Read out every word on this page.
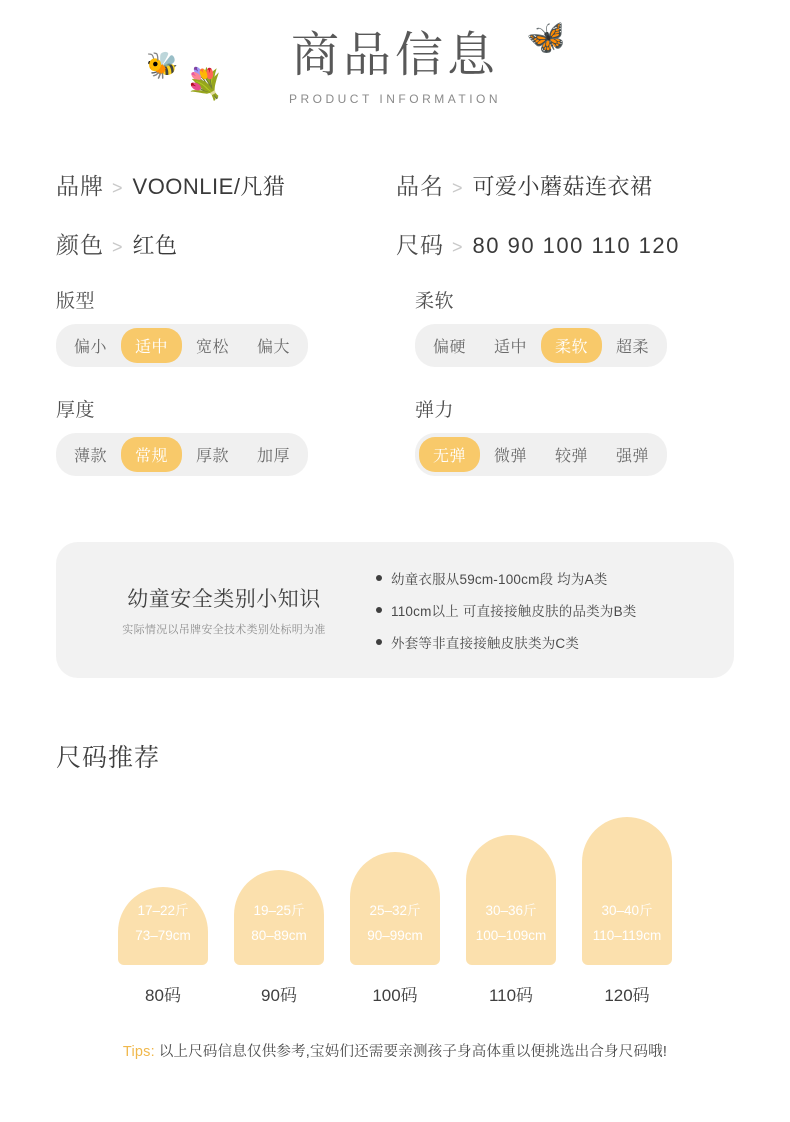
🐝
💐
🦋
商品信息
PRODUCT INFORMATION
品牌 > VOONLIE/凡猎	品名 > 可爱小蘑菇连衣裙
颜色 > 红色	尺码 > 80 90 100 110 120
版型
偏小	适中	宽松	偏大
柔软
偏硬	适中	柔软	超柔
厚度
薄款	常规	厚款	加厚
弹力
无弹	微弹	较弹	强弹
幼童安全类别小知识
实际情况以吊牌安全技术类别处标明为准
幼童衣服从59cm-100cm段 均为A类
110cm以上 可直接接触皮肤的品类为B类
外套等非直接接触皮肤类为C类
尺码推荐
17–22斤
73–79cm
80码
19–25斤
80–89cm
90码
25–32斤
90–99cm
100码
30–36斤
100–109cm
110码
30–40斤
110–119cm
120码
Tips: 以上尺码信息仅供参考,宝妈们还需要亲测孩子身高体重以便挑选出合身尺码哦!
